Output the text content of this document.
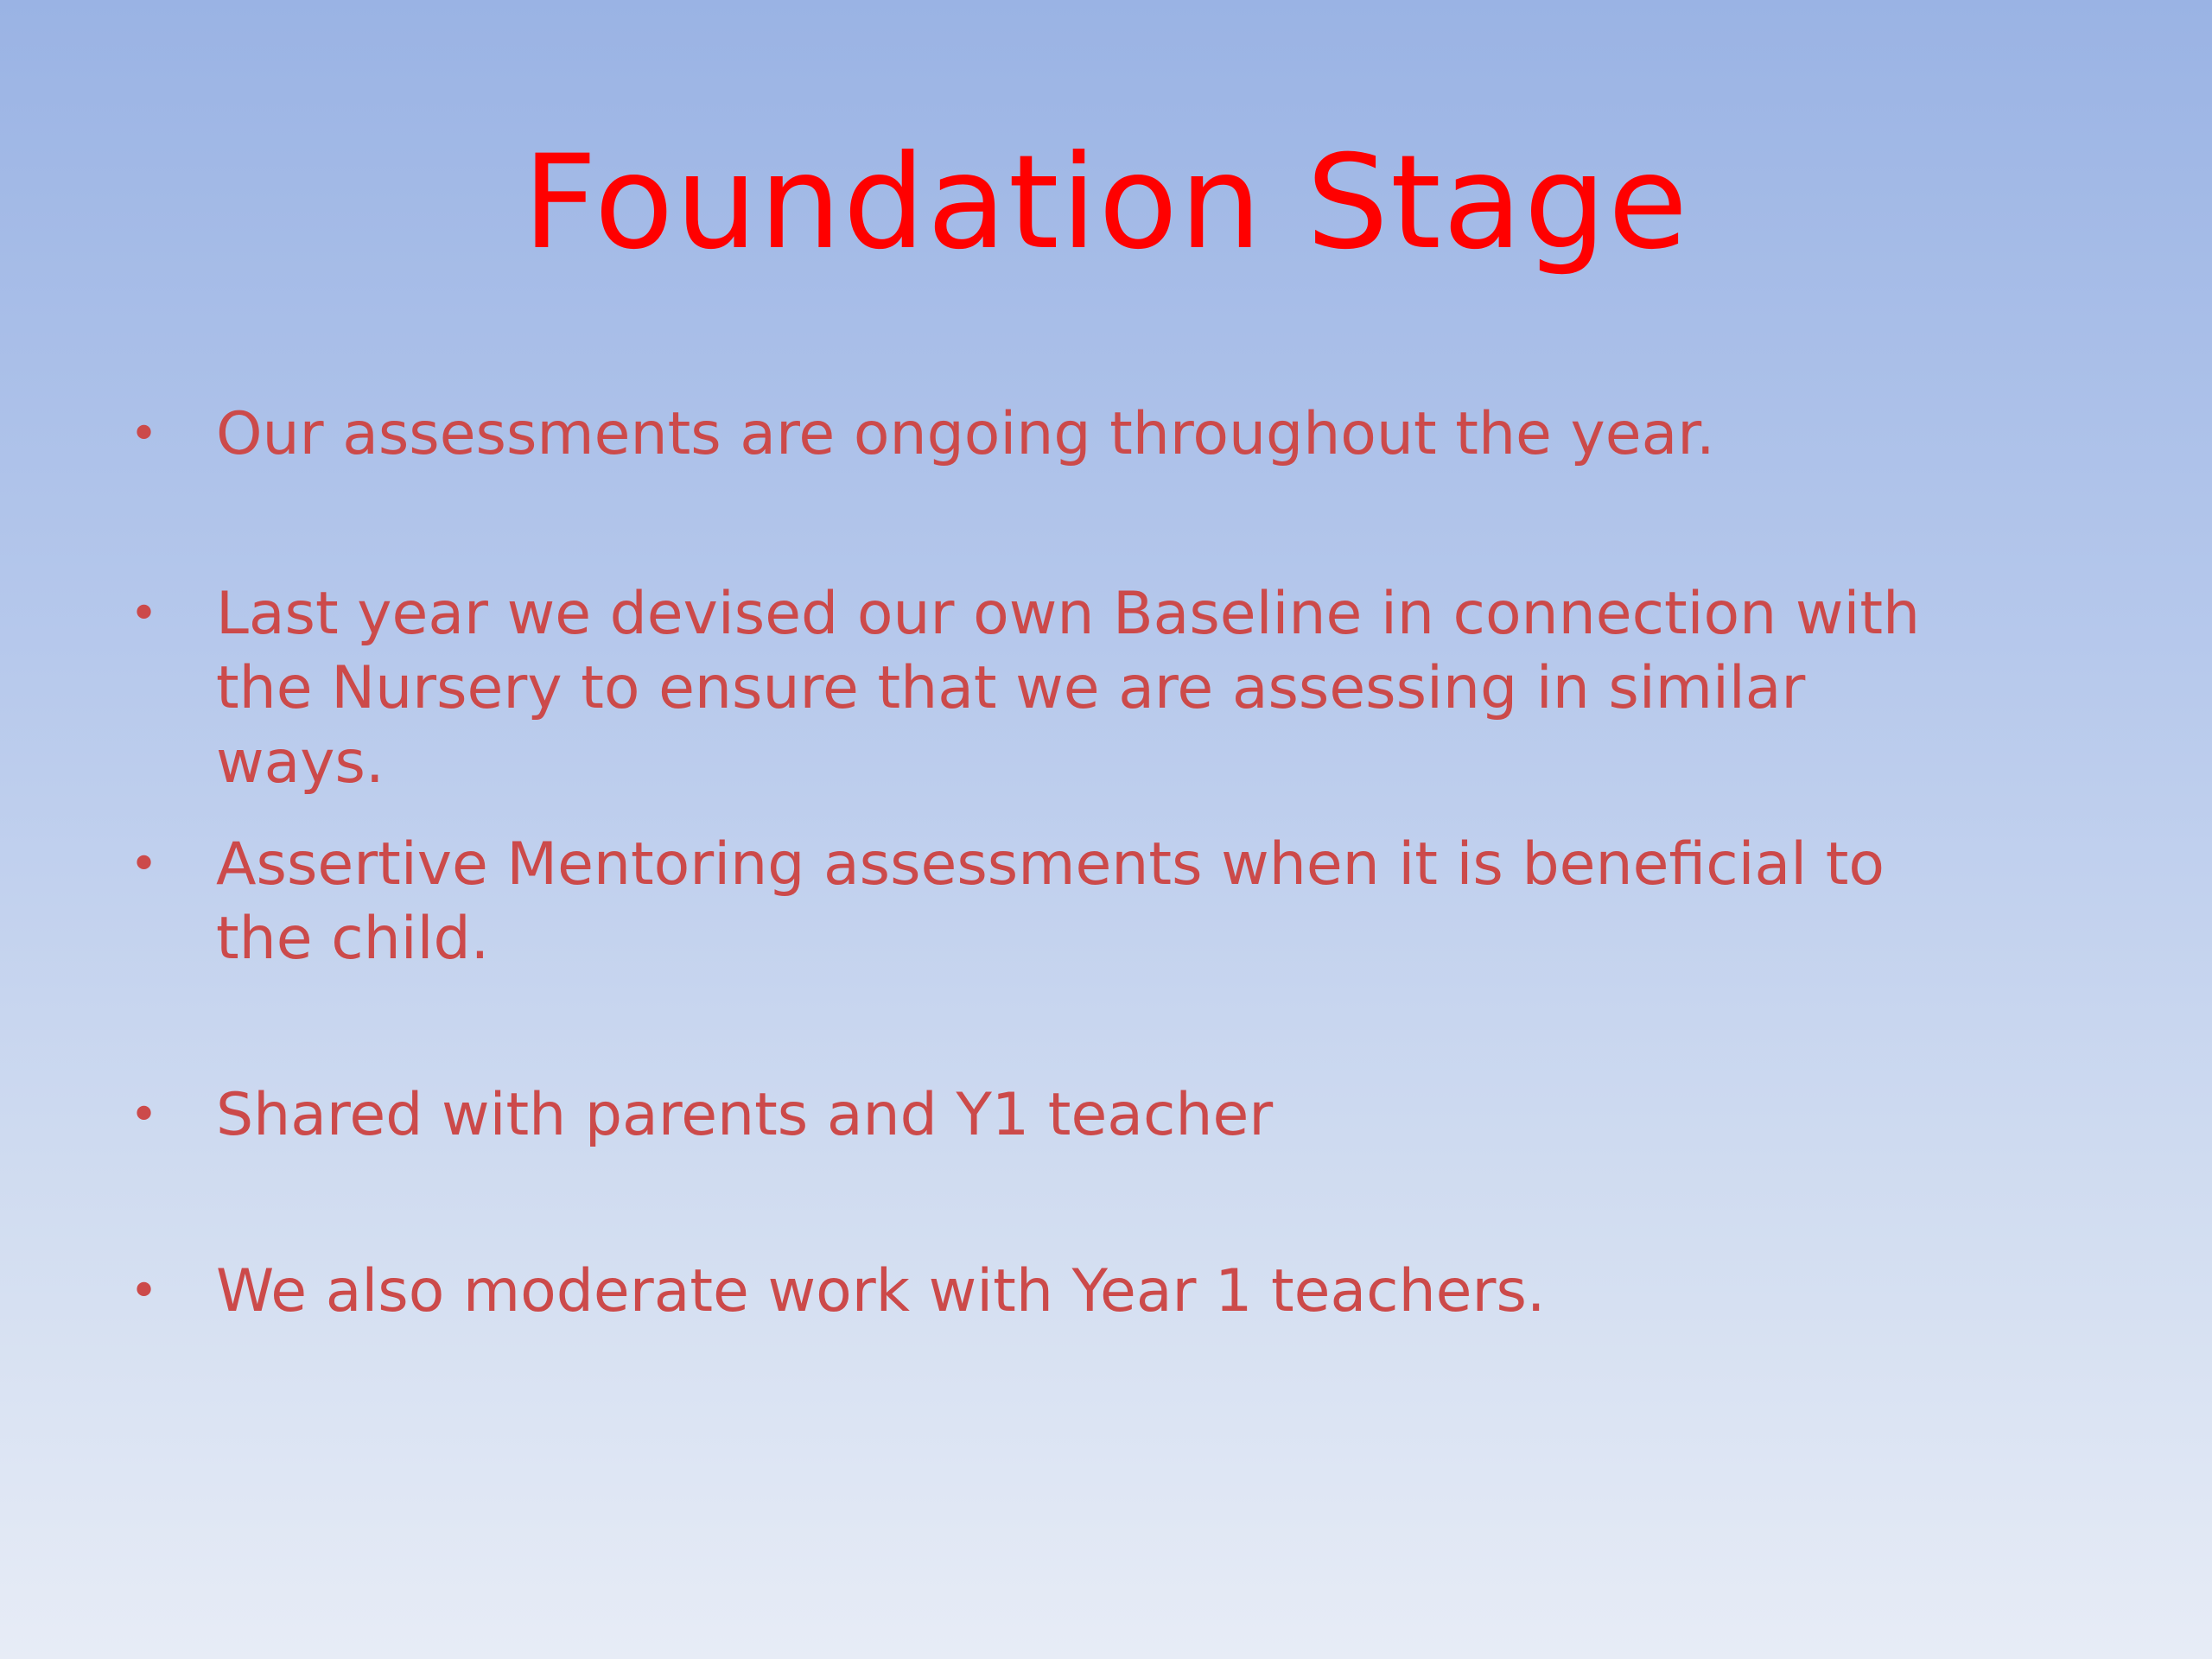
Foundation Stage
• Our assessments are ongoing throughout the year.
• Last year we devised our own Baseline in connection with the Nursery to ensure that we are assessing in similar ways.
• Assertive Mentoring assessments when it is beneficial to the child.
• Shared with parents and Y1 teacher
• We also moderate work with Year 1 teachers.
